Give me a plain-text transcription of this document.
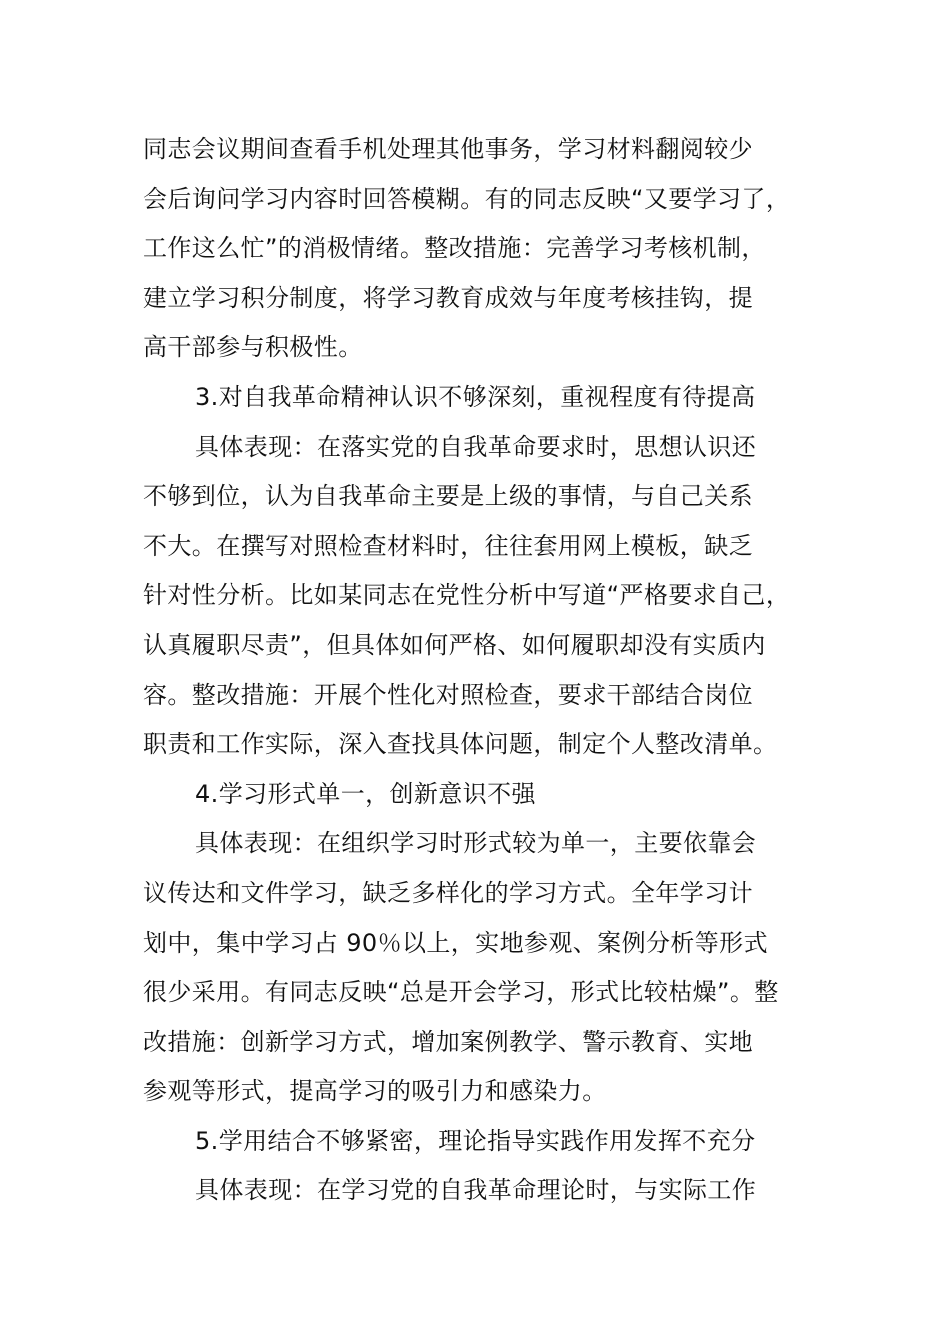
同志会议期间查看手机处理其他事务，学习材料翻阅较少
会后询问学习内容时回答模糊。有的同志反映“又要学习了，
工作这么忙”的消极情绪。整改措施：完善学习考核机制，
建立学习积分制度，将学习教育成效与年度考核挂钩，提
高干部参与积极性。
3.对自我革命精神认识不够深刻，重视程度有待提高
具体表现：在落实党的自我革命要求时，思想认识还
不够到位，认为自我革命主要是上级的事情，与自己关系
不大。在撰写对照检查材料时，往往套用网上模板，缺乏
针对性分析。比如某同志在党性分析中写道“严格要求自己，
认真履职尽责”，但具体如何严格、如何履职却没有实质内
容。整改措施：开展个性化对照检查，要求干部结合岗位
职责和工作实际，深入查找具体问题，制定个人整改清单。
4.学习形式单一，创新意识不强
具体表现：在组织学习时形式较为单一，主要依靠会
议传达和文件学习，缺乏多样化的学习方式。全年学习计
划中，集中学习占 90％以上，实地参观、案例分析等形式
很少采用。有同志反映“总是开会学习，形式比较枯燥”。整
改措施：创新学习方式，增加案例教学、警示教育、实地
参观等形式，提高学习的吸引力和感染力。
5.学用结合不够紧密，理论指导实践作用发挥不充分
具体表现：在学习党的自我革命理论时，与实际工作
